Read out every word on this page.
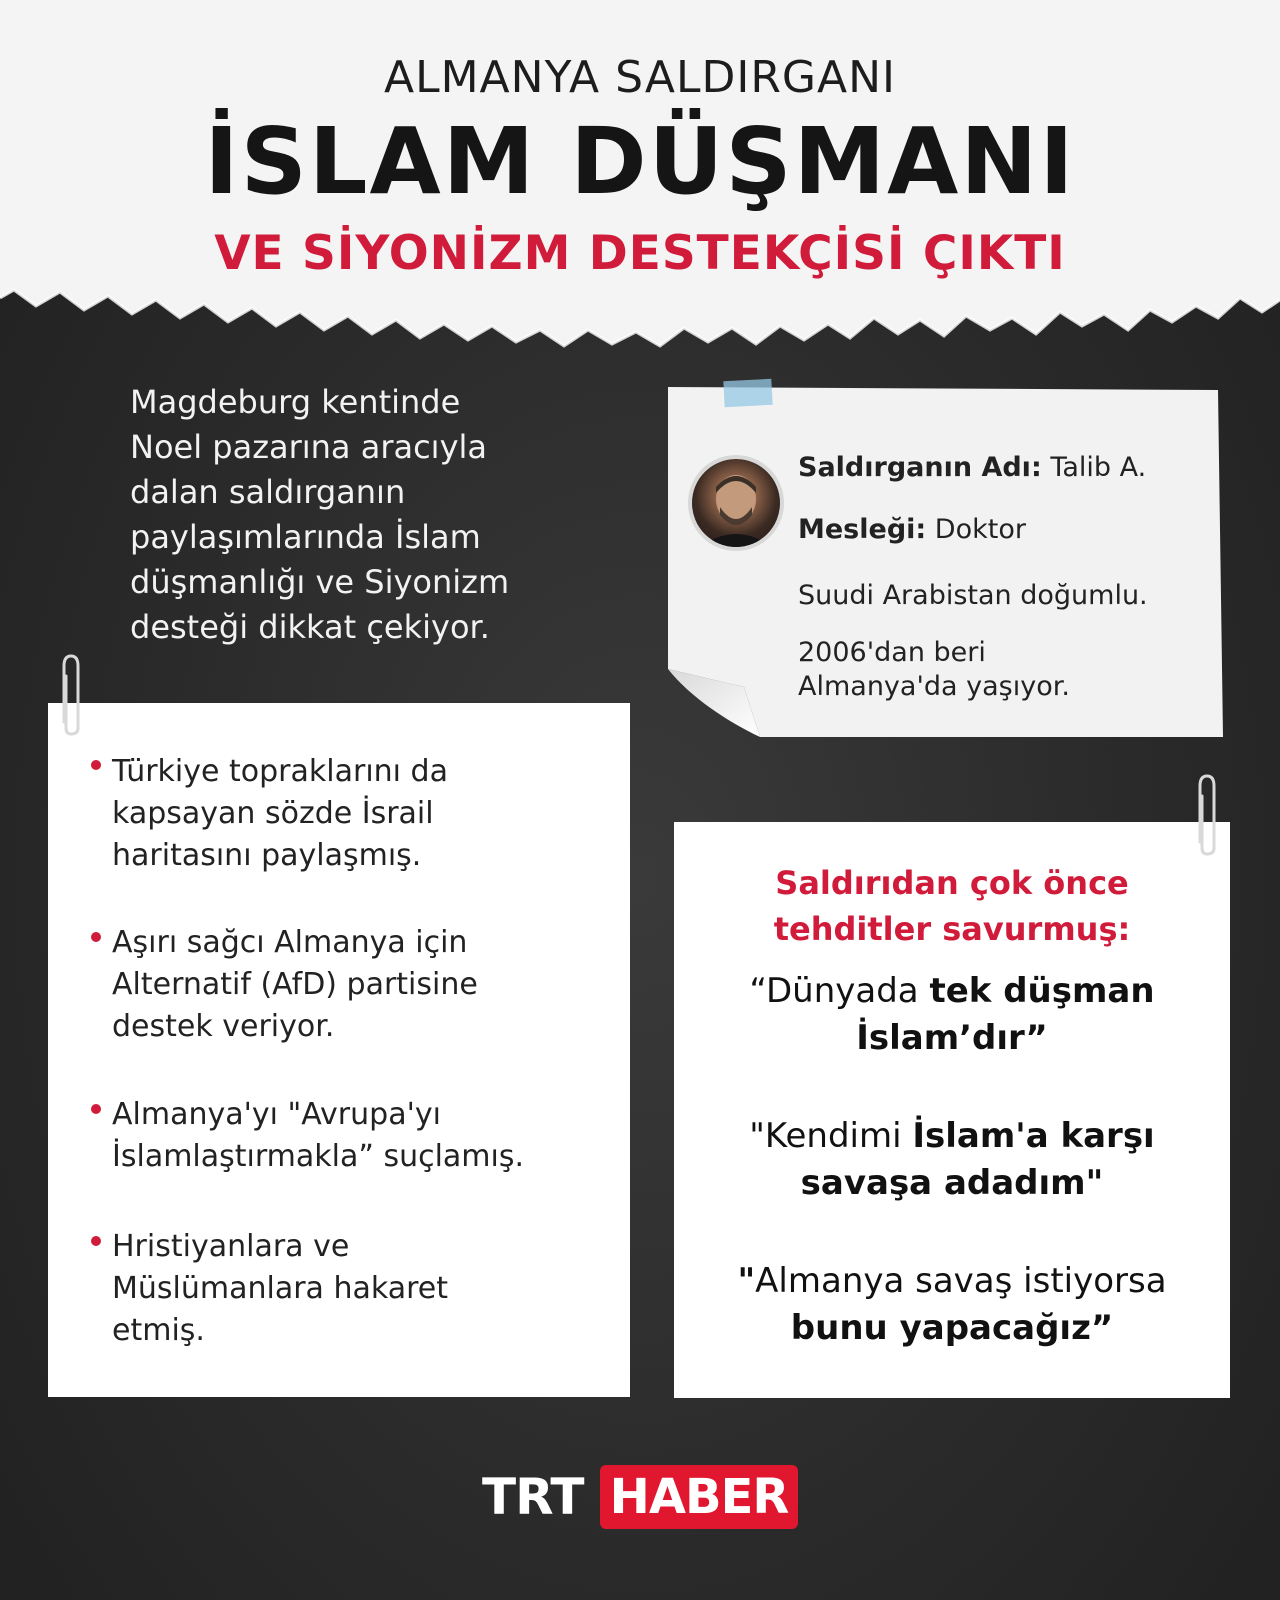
ALMANYA SALDIRGANI
İSLAM DÜŞMANI
VE SİYONİZM DESTEKÇİSİ ÇIKTI
Magdeburg kentinde
Noel pazarına aracıyla
dalan saldırganın
paylaşımlarında İslam
düşmanlığı ve Siyonizm
desteği dikkat çekiyor.
Saldırganın Adı: Talib A.
Mesleği: Doktor
Suudi Arabistan doğumlu.
2006'dan beri
Almanya'da yaşıyor.
Türkiye topraklarını da
kapsayan sözde İsrail
haritasını paylaşmış.
Aşırı sağcı Almanya için
Alternatif (AfD) partisine
destek veriyor.
Almanya'yı "Avrupa'yı
İslamlaştırmakla” suçlamış.
Hristiyanlara ve
Müslümanlara hakaret
etmiş.
Saldırıdan çok önce
tehditler savurmuş:
“Dünyada tek düşman
İslam’dır”
"Kendimi İslam'a karşı
savaşa adadım"
"Almanya savaş istiyorsa
bunu yapacağız”
TRT HABER
